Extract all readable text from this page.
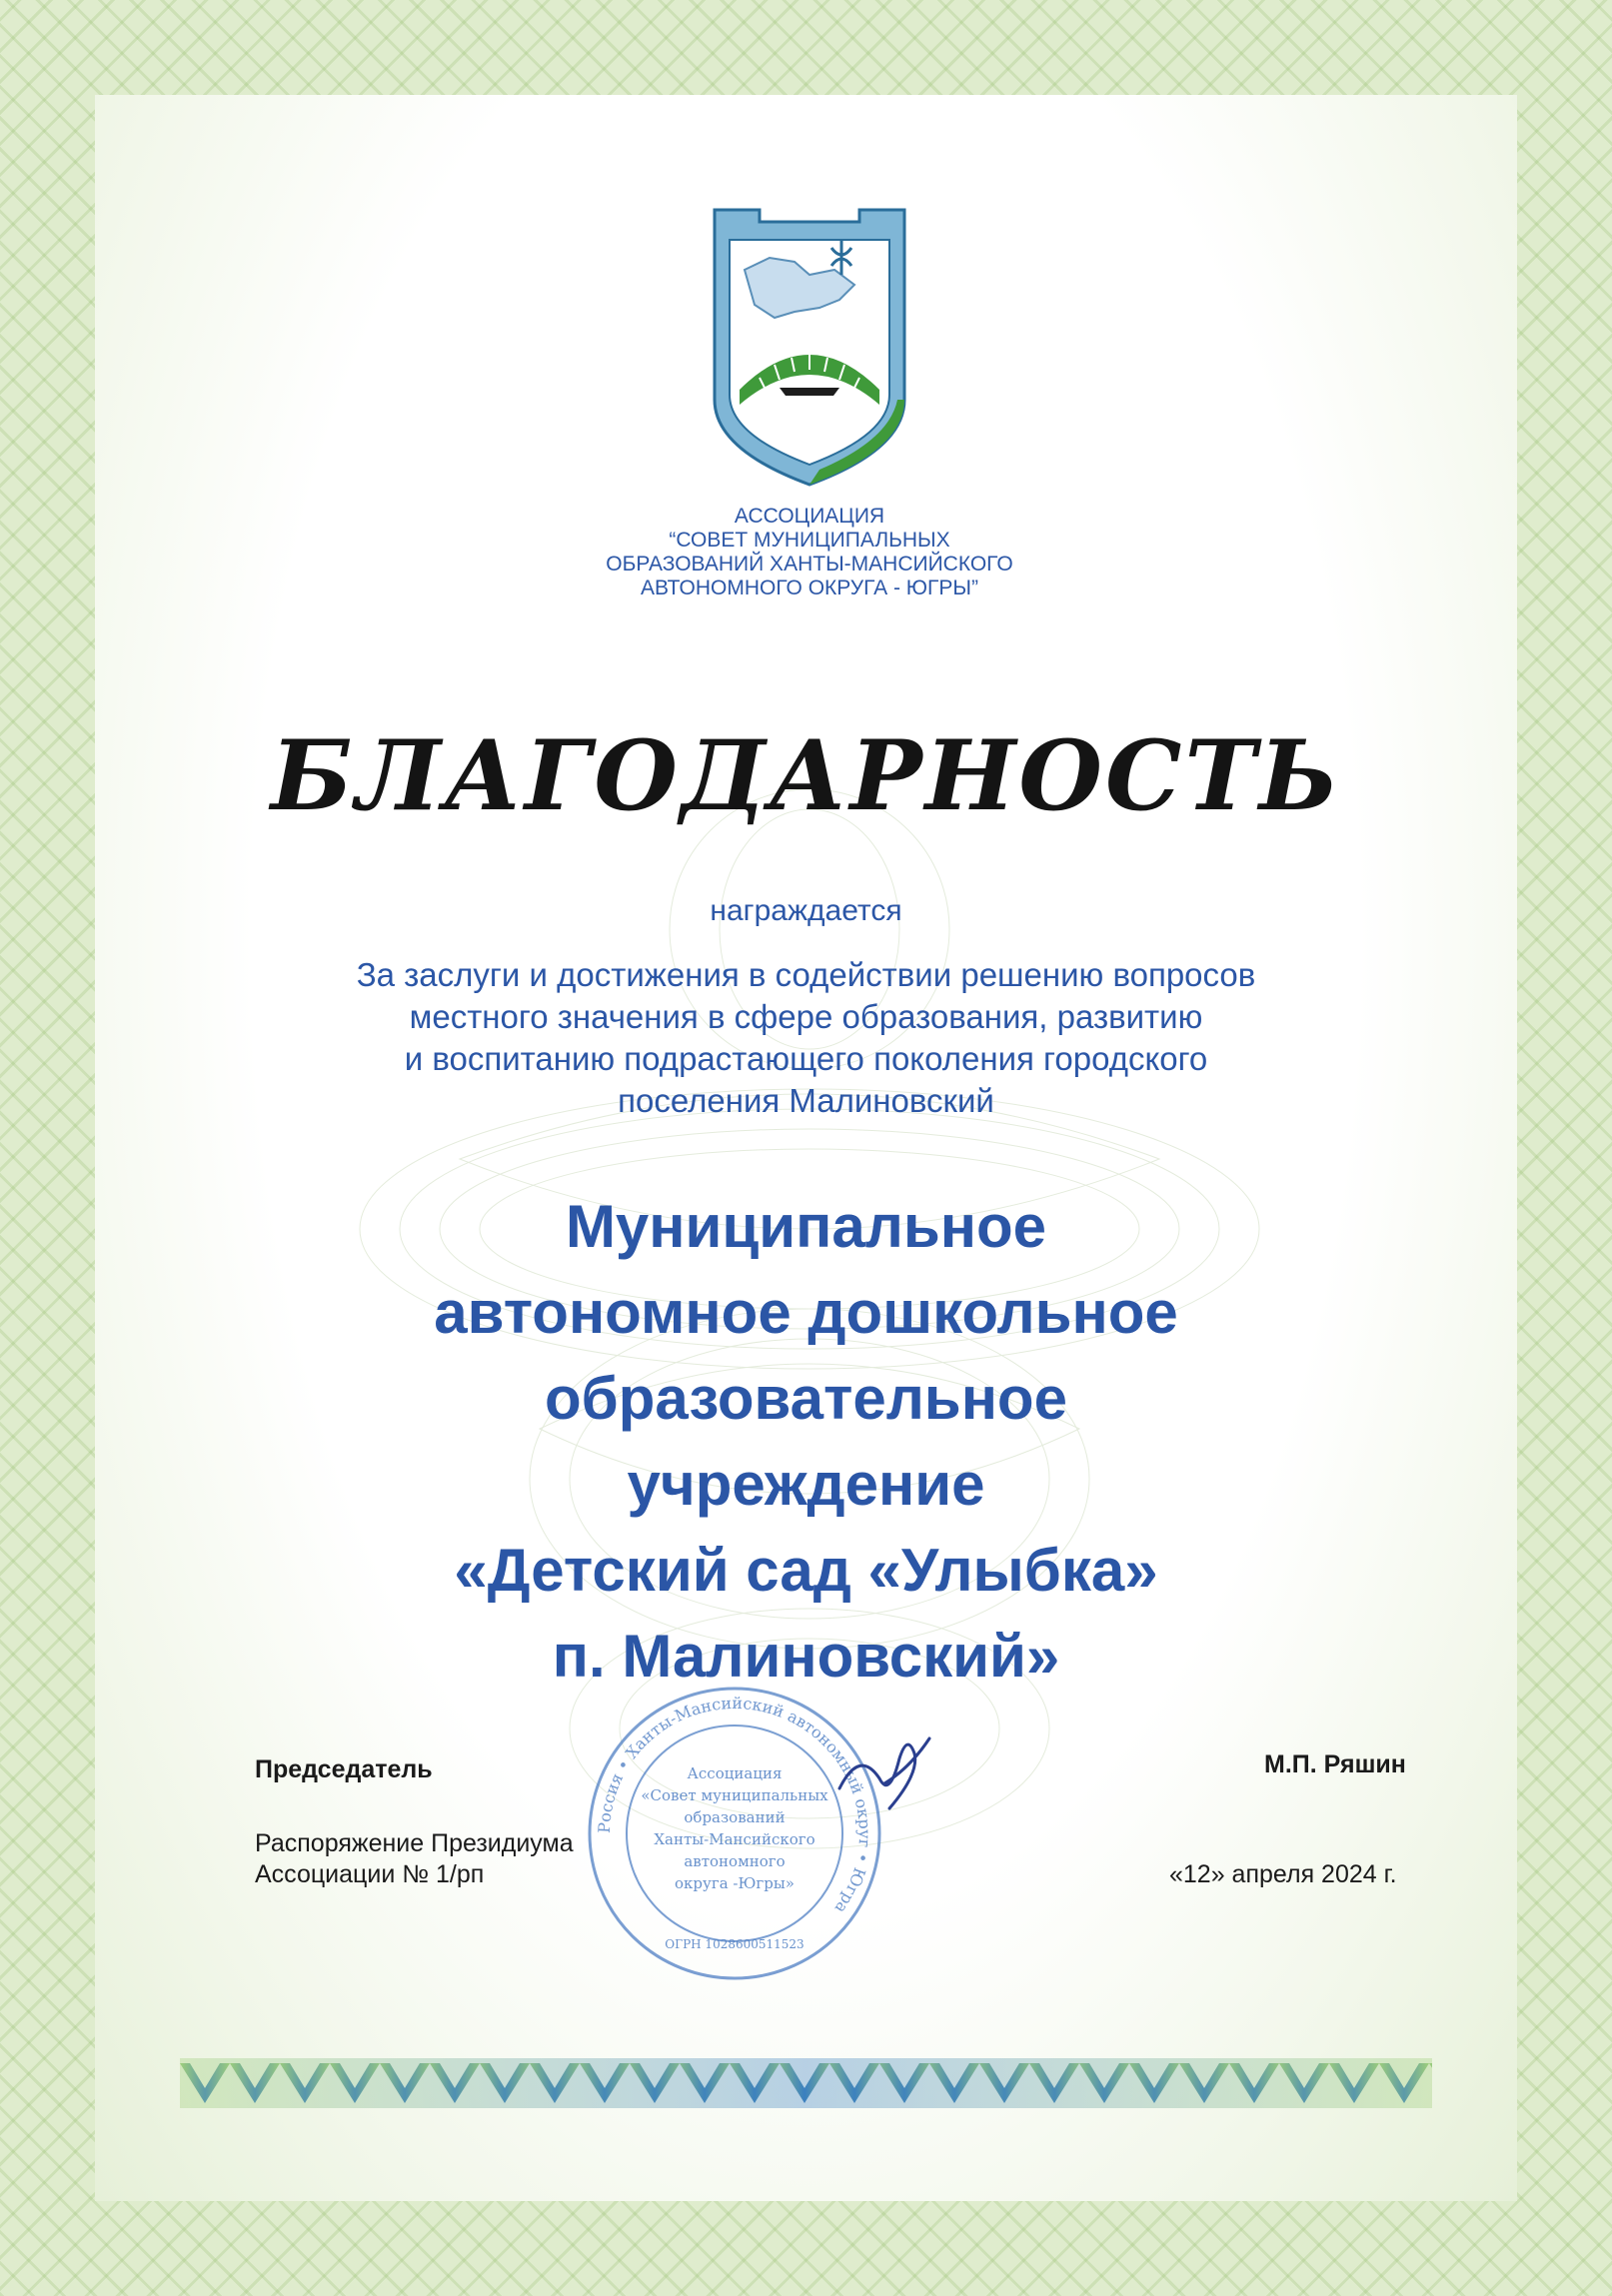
АССОЦИАЦИЯ
“СОВЕТ МУНИЦИПАЛЬНЫХ
ОБРАЗОВАНИЙ ХАНТЫ-МАНСИЙСКОГО
АВТОНОМНОГО ОКРУГА - ЮГРЫ”
БЛАГОДАРНОСТЬ
награждается
За заслуги и достижения в содействии решению вопросов
местного значения в сфере образования, развитию
и воспитанию подрастающего поколения городского
поселения Малиновский
Муниципальное
автономное дошкольное
образовательное
учреждение
«Детский сад «Улыбка»
п. Малиновский»
Председатель	М.П. Ряшин
Распоряжение Президиума
Ассоциации № 1/рп	«12» апреля 2024 г.
Россия • Ханты-Мансийский автономный округ • Югра
Ассоциация
«Совет муниципальных
образований
Ханты-Мансийского
автономного
округа -Югры»
ОГРН 1028600511523
